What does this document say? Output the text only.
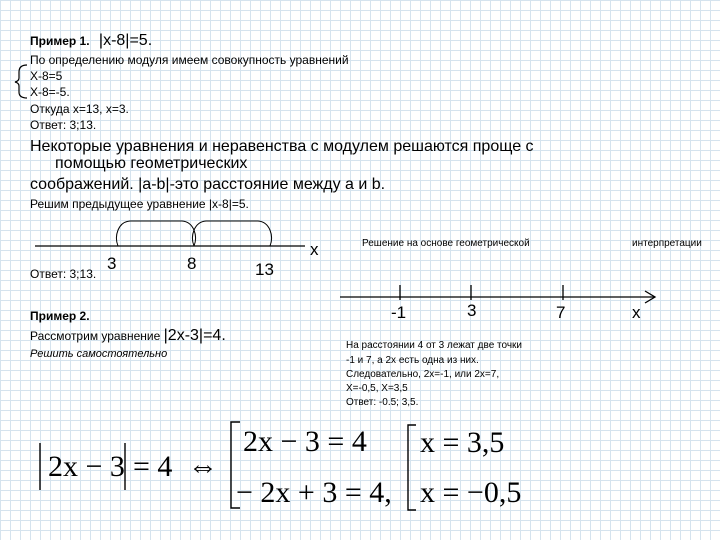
Пример 1. |x-8|=5.
По определению модуля имеем совокупность уравнений
X-8=5
X-8=-5.
Откуда x=13, x=3.
Ответ: 3;13.
Некоторые уравнения и неравенства с модулем решаются проще с
помощью геометрических
соображений. |a-b|-это расстояние между a и b.
Решим предыдущее уравнение |x-8|=5.
3	8	13
x
Ответ: 3;13.
Решение на основе геометрической	интерпретации
-1	3	7	x
На расстоянии 4 от 3 лежат две точки
-1 и 7, а 2х есть одна из них.
Следовательно, 2х=-1, или 2х=7,
Х=-0,5, Х=3,5
Ответ: -0.5; 3,5.
Пример 2.
Рассмотрим уравнение |2x-3|=4.
Решить самостоятельно
2x − 3 = 4 ⇔
2x − 3 = 4
− 2x + 3 = 4,
x = 3,5
x = −0,5
